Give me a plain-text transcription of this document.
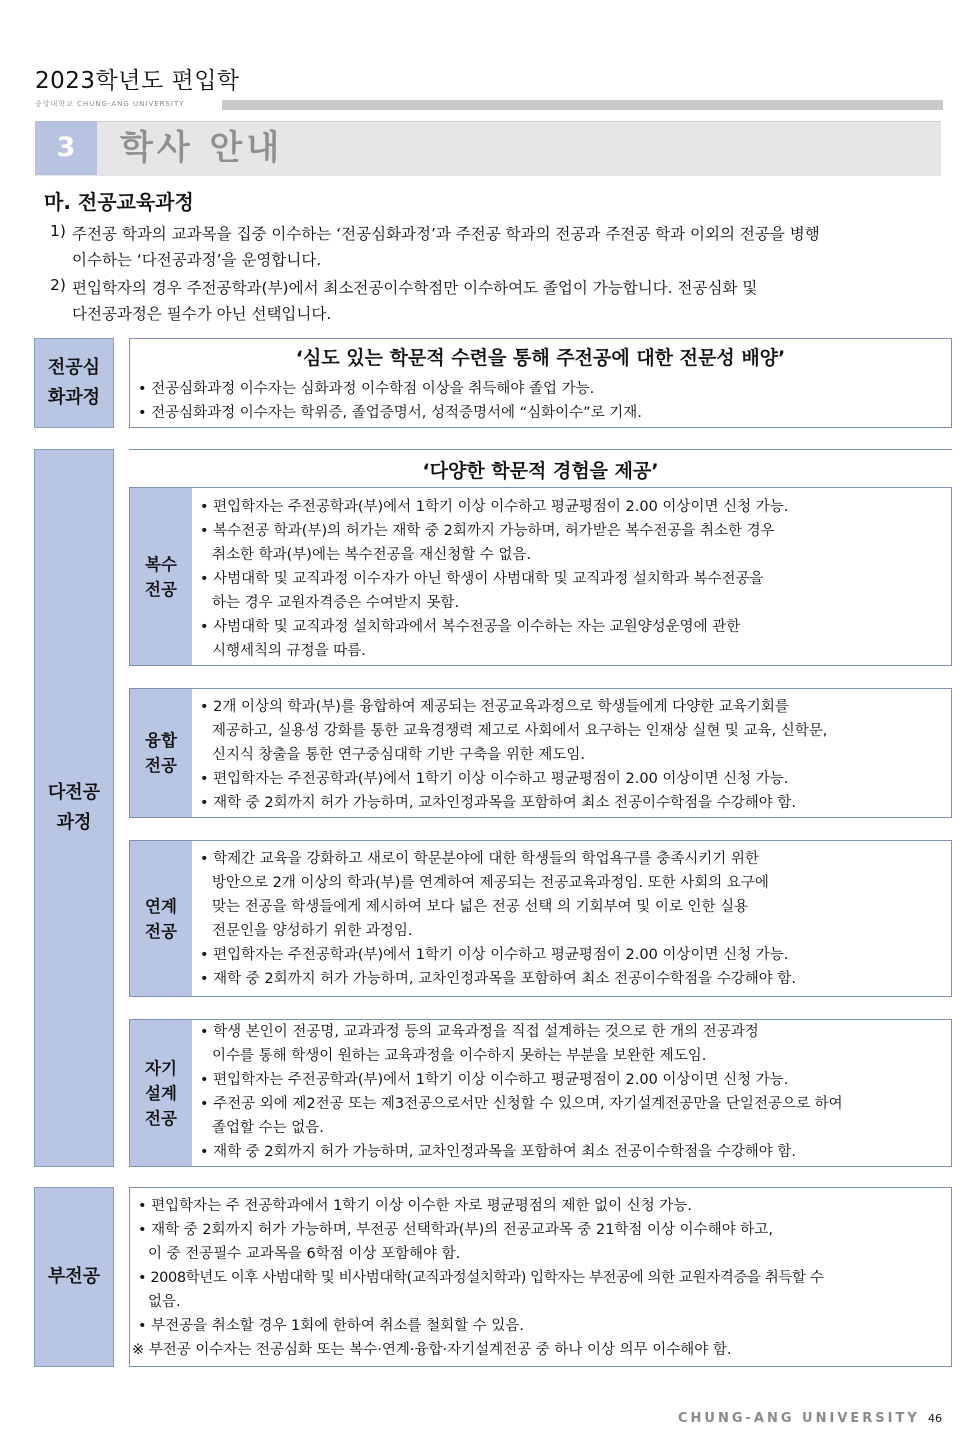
2023학년도 편입학
중앙대학교 CHUNG-ANG UNIVERSITY
3	학사 안내
마. 전공교육과정
1) 주전공 학과의 교과목을 집중 이수하는 ‘전공심화과정’과 주전공 학과의 전공과 주전공 학과 이외의 전공을 병행
이수하는 ‘다전공과정’을 운영합니다.
2) 편입학자의 경우 주전공학과(부)에서 최소전공이수학점만 이수하여도 졸업이 가능합니다. 전공심화 및
다전공과정은 필수가 아닌 선택입니다.
전공심
화과정
‘심도 있는 학문적 수련을 통해 주전공에 대한 전문성 배양’
• 전공심화과정 이수자는 심화과정 이수학점 이상을 취득해야 졸업 가능.
• 전공심화과정 이수자는 학위증, 졸업증명서, 성적증명서에 “심화이수”로 기재.
다전공
과정
‘다양한 학문적 경험을 제공’
복수
전공
• 편입학자는 주전공학과(부)에서 1학기 이상 이수하고 평균평점이 2.00 이상이면 신청 가능.
• 복수전공 학과(부)의 허가는 재학 중 2회까지 가능하며, 허가받은 복수전공을 취소한 경우
취소한 학과(부)에는 복수전공을 재신청할 수 없음.
• 사범대학 및 교직과정 이수자가 아닌 학생이 사범대학 및 교직과정 설치학과 복수전공을
하는 경우 교원자격증은 수여받지 못함.
• 사범대학 및 교직과정 설치학과에서 복수전공을 이수하는 자는 교원양성운영에 관한
시행세칙의 규정을 따름.
융합
전공
• 2개 이상의 학과(부)를 융합하여 제공되는 전공교육과정으로 학생들에게 다양한 교육기회를
제공하고, 실용성 강화를 통한 교육경쟁력 제고로 사회에서 요구하는 인재상 실현 및 교육, 신학문,
신지식 창출을 통한 연구중심대학 기반 구축을 위한 제도임.
• 편입학자는 주전공학과(부)에서 1학기 이상 이수하고 평균평점이 2.00 이상이면 신청 가능.
• 재학 중 2회까지 허가 가능하며, 교차인정과목을 포함하여 최소 전공이수학점을 수강해야 함.
연계
전공
• 학제간 교육을 강화하고 새로이 학문분야에 대한 학생들의 학업욕구를 충족시키기 위한
방안으로 2개 이상의 학과(부)를 연계하여 제공되는 전공교육과정임. 또한 사회의 요구에
맞는 전공을 학생들에게 제시하여 보다 넓은 전공 선택 의 기회부여 및 이로 인한 실용
전문인을 양성하기 위한 과정임.
• 편입학자는 주전공학과(부)에서 1학기 이상 이수하고 평균평점이 2.00 이상이면 신청 가능.
• 재학 중 2회까지 허가 가능하며, 교차인정과목을 포함하여 최소 전공이수학점을 수강해야 함.
자기
설계
전공
• 학생 본인이 전공명, 교과과정 등의 교육과정을 직접 설계하는 것으로 한 개의 전공과정
이수를 통해 학생이 원하는 교육과정을 이수하지 못하는 부분을 보완한 제도임.
• 편입학자는 주전공학과(부)에서 1학기 이상 이수하고 평균평점이 2.00 이상이면 신청 가능.
• 주전공 외에 제2전공 또는 제3전공으로서만 신청할 수 있으며, 자기설계전공만을 단일전공으로 하여
졸업할 수는 없음.
• 재학 중 2회까지 허가 가능하며, 교차인정과목을 포함하여 최소 전공이수학점을 수강해야 함.
부전공
• 편입학자는 주 전공학과에서 1학기 이상 이수한 자로 평균평점의 제한 없이 신청 가능.
• 재학 중 2회까지 허가 가능하며, 부전공 선택학과(부)의 전공교과목 중 21학점 이상 이수해야 하고,
이 중 전공필수 교과목을 6학점 이상 포함해야 함.
• 2008학년도 이후 사범대학 및 비사범대학(교직과정설치학과) 입학자는 부전공에 의한 교원자격증을 취득할 수
없음.
• 부전공을 취소할 경우 1회에 한하여 취소를 철회할 수 있음.
※ 부전공 이수자는 전공심화 또는 복수·연계·융합·자기설계전공 중 하나 이상 의무 이수해야 함.
CHUNG-ANG UNIVERSITY 46
